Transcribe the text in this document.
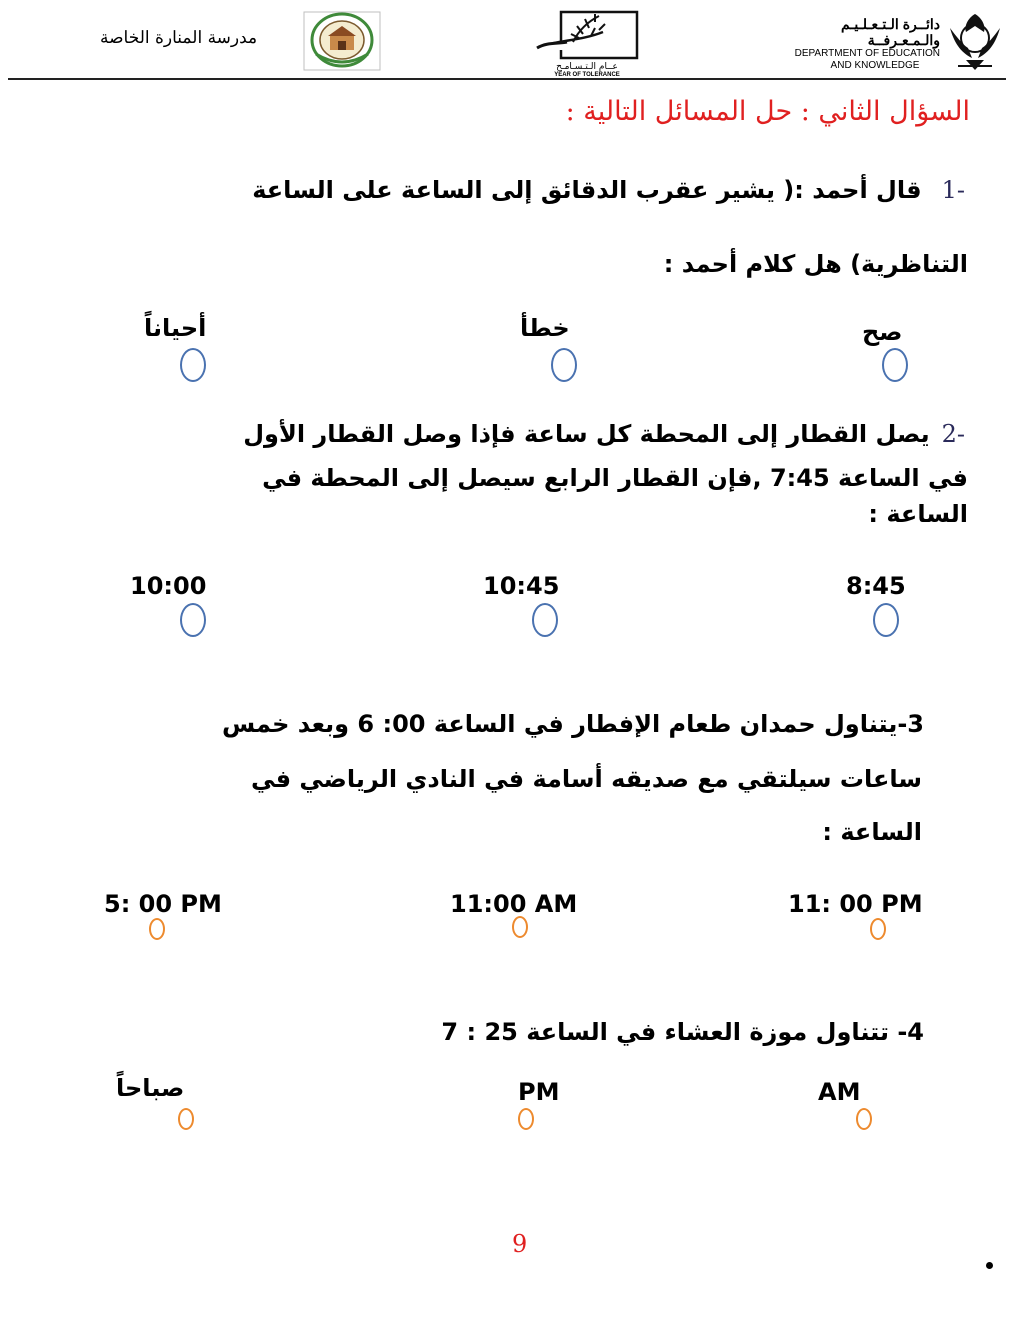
مدرسة المنارة الخاصة
عــام الـتـسـامـح
YEAR OF TOLERANCE
دائــرة الـتـعـلـيـم والـمـعـرفــة
DEPARTMENT OF EDUCATION
AND KNOWLEDGE
السؤال الثاني : حل المسائل التالية :
1-قال أحمد :( يشير عقرب الدقائق إلى الساعة على الساعة
التناظرية) هل كلام أحمد :
صح
خطأ
أحياناً
2-يصل القطار إلى المحطة كل ساعة فإذا وصل القطار الأول
في الساعة 7:45 ,فإن القطار الرابع سيصل إلى المحطة في
الساعة :
8:45
10:45
10:00
3-يتناول حمدان طعام الإفطار في الساعة 00: 6 وبعد خمس
ساعات سيلتقي مع صديقه أسامة في النادي الرياضي في
الساعة :
11: 00 PM
11:00 AM
5: 00 PM
4- تتناول موزة العشاء في الساعة 25 : 7
AM
PM
صباحاً
9
